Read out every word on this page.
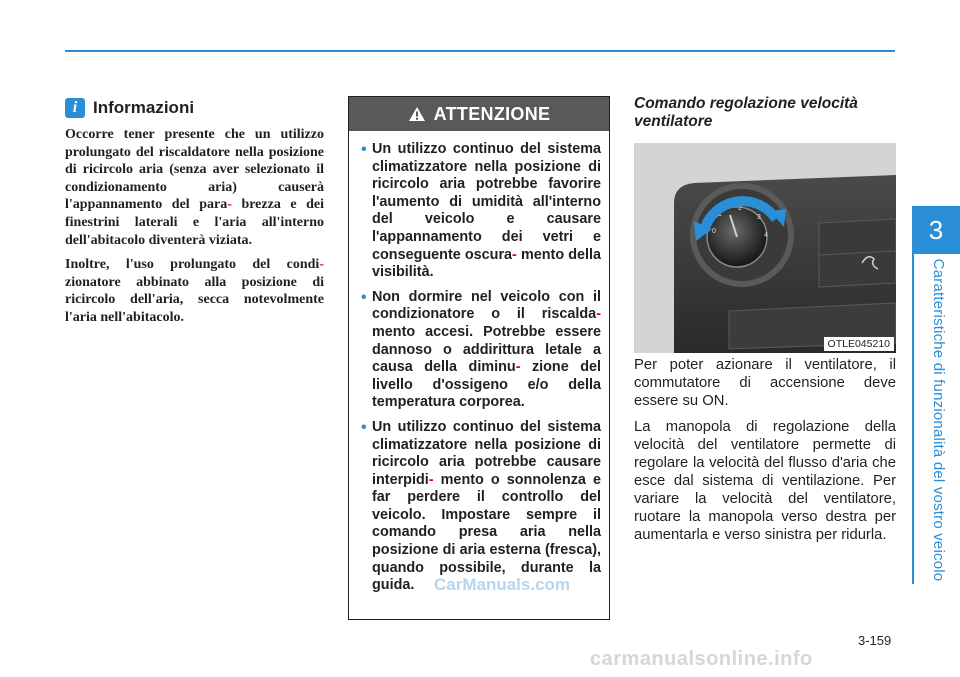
3
Caratteristiche di funzionalità del vostro veicolo
i Informazioni

Occorre tener presente che un utilizzo prolungato del riscaldatore nella posizione di ricircolo aria (senza aver selezionato il condizionamento aria) causerà l'appannamento del para- brezza e dei finestrini laterali e l'aria all'interno dell'abitacolo diventerà viziata.

Inoltre, l'uso prolungato del condi- zionatore abbinato alla posizione di ricircolo dell'aria, secca notevolmente l'aria nell'abitacolo.

ATTENZIONE
• Un utilizzo continuo del sistema climatizzatore nella posizione di ricircolo aria potrebbe favorire l'aumento di umidità all'interno del veicolo e causare l'appannamento dei vetri e conseguente oscura- mento della visibilità.
• Non dormire nel veicolo con il condizionatore o il riscalda- mento accesi. Potrebbe essere dannoso o addirittura letale a causa della diminu- zione del livello d'ossigeno e/o della temperatura corporea.
• Un utilizzo continuo del sistema climatizzatore nella posizione di ricircolo aria potrebbe causare interpidi- mento o sonnolenza e far perdere il controllo del veicolo. Impostare sempre il comando presa aria nella posizione di aria esterna (fresca), quando possibile, durante la guida.	CarManuals.com
Comando regolazione velocità ventilatore
0
1
2
3
4
OTLE045210

Per poter azionare il ventilatore, il commutatore di accensione deve essere su ON.

La manopola di regolazione della velocità del ventilatore permette di regolare la velocità del flusso d'aria che esce dal sistema di ventilazione. Per variare la velocità del ventilatore, ruotare la manopola verso destra per aumentarla e verso sinistra per ridurla.

3-159
carmanualsonline.info
